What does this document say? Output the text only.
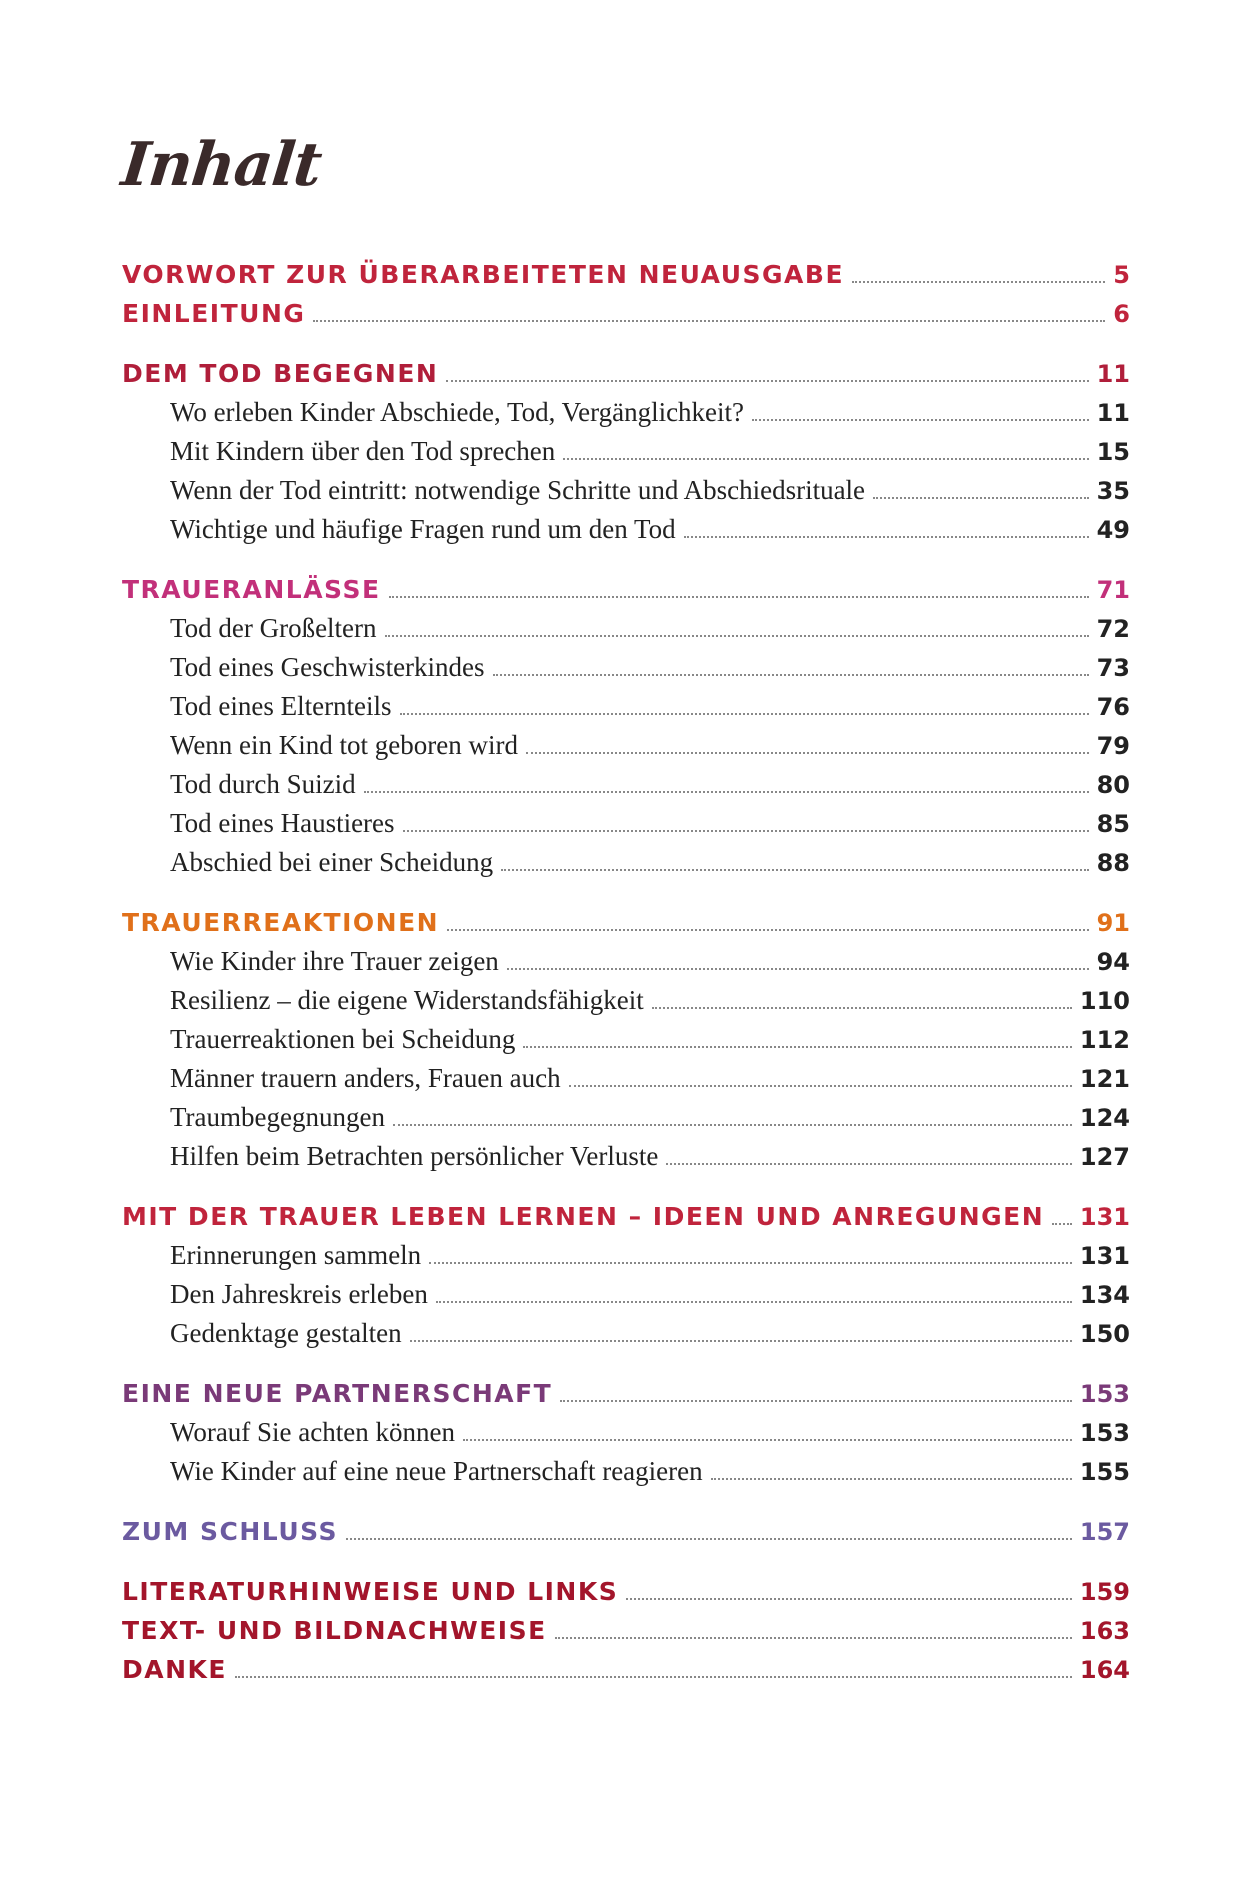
Inhalt
VORWORT ZUR ÜBERARBEITETEN NEUAUSGABE	5
EINLEITUNG	6
DEM TOD BEGEGNEN	11
Wo erleben Kinder Abschiede, Tod, Vergänglichkeit?	11
Mit Kindern über den Tod sprechen	15
Wenn der Tod eintritt: notwendige Schritte und Abschiedsrituale	35
Wichtige und häufige Fragen rund um den Tod	49
TRAUERANLÄSSE	71
Tod der Großeltern	72
Tod eines Geschwisterkindes	73
Tod eines Elternteils	76
Wenn ein Kind tot geboren wird	79
Tod durch Suizid	80
Tod eines Haustieres	85
Abschied bei einer Scheidung	88
TRAUERREAKTIONEN	91
Wie Kinder ihre Trauer zeigen	94
Resilienz – die eigene Widerstandsfähigkeit	110
Trauerreaktionen bei Scheidung	112
Männer trauern anders, Frauen auch	121
Traumbegegnungen	124
Hilfen beim Betrachten persönlicher Verluste	127
MIT DER TRAUER LEBEN LERNEN – IDEEN UND ANREGUNGEN	131
Erinnerungen sammeln	131
Den Jahreskreis erleben	134
Gedenktage gestalten	150
EINE NEUE PARTNERSCHAFT	153
Worauf Sie achten können	153
Wie Kinder auf eine neue Partnerschaft reagieren	155
ZUM SCHLUSS	157
LITERATURHINWEISE UND LINKS	159
TEXT- UND BILDNACHWEISE	163
DANKE	164
